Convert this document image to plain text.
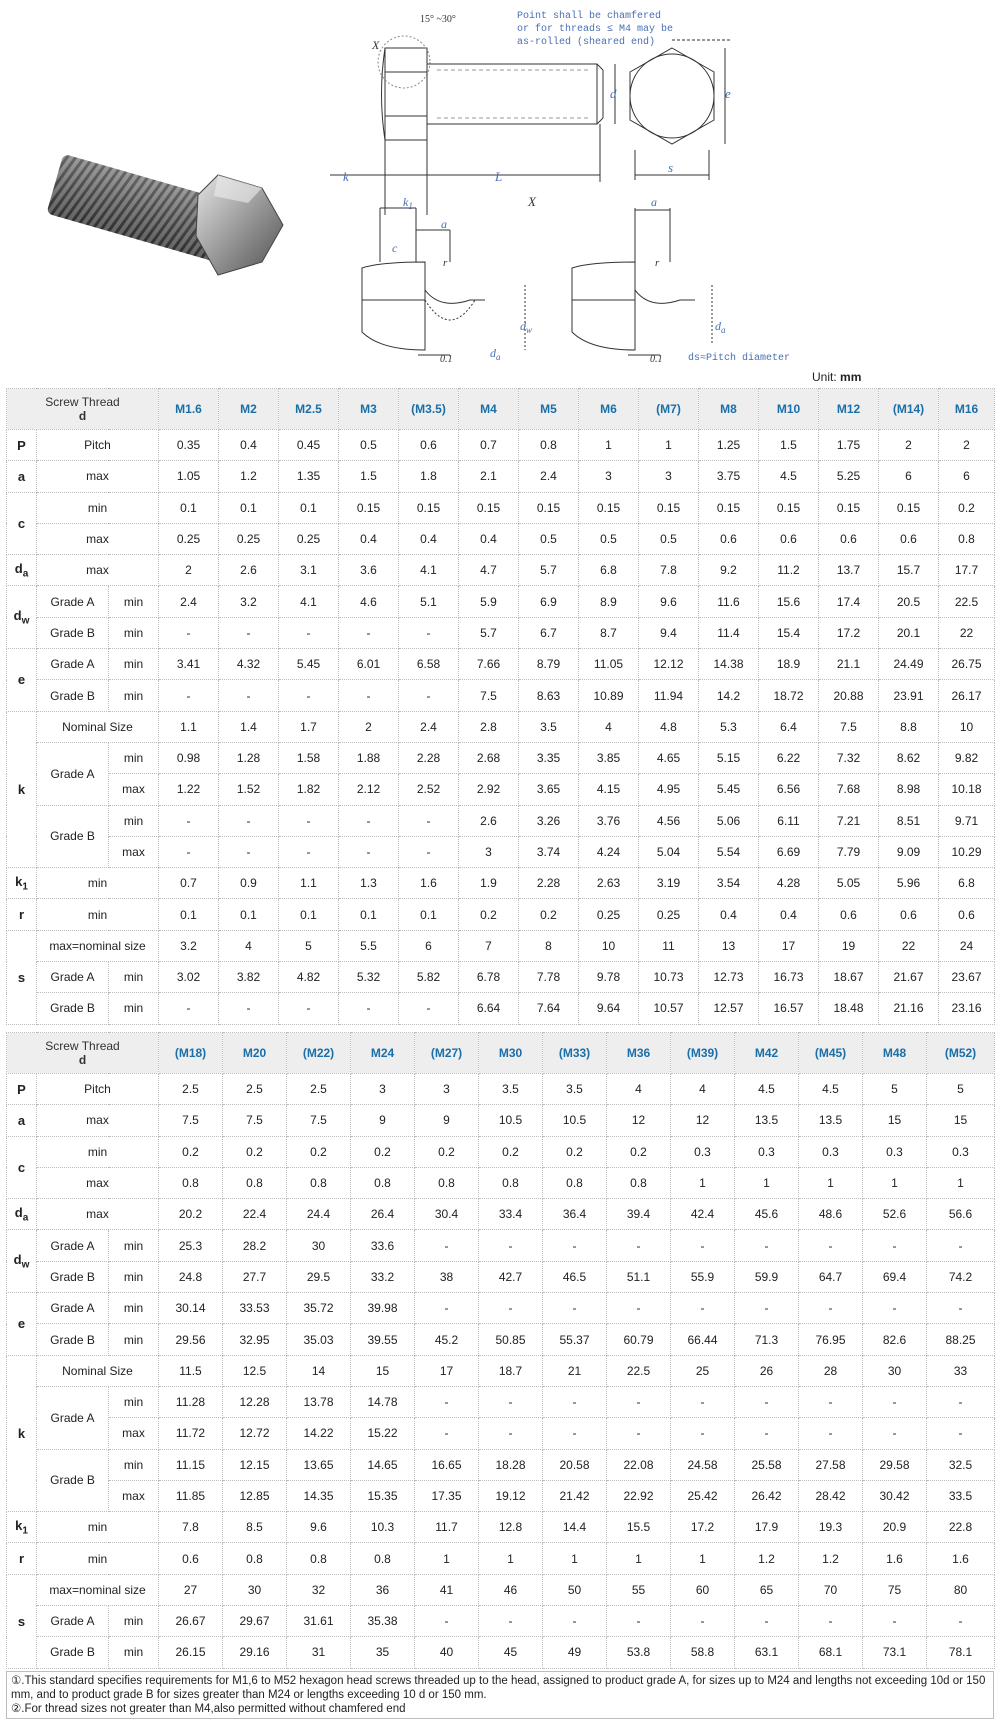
15° ~30°	Point shall be chamfered
or for threads ≤ M4 may be
as-rolled (sheared end)
X
d
k	L
X
e
s
$k_1$
c
a
r
$d_w$
$d_a$
0.1
a
r
$d_a$
0.1	ds≈Pitch diameter
Unit: mm
Screw Thread
d			M1.6	M2	M2.5	M3	(M3.5)	M4	M5	M6	(M7)	M8	M10	M12	(M14)	M16
P	Pitch		0.35	0.4	0.45	0.5	0.6	0.7	0.8	1	1	1.25	1.5	1.75	2	2
a	max		1.05	1.2	1.35	1.5	1.8	2.1	2.4	3	3	3.75	4.5	5.25	6	6
c	min		0.1	0.1	0.1	0.15	0.15	0.15	0.15	0.15	0.15	0.15	0.15	0.15	0.15	0.2
	max		0.25	0.25	0.25	0.4	0.4	0.4	0.5	0.5	0.5	0.6	0.6	0.6	0.6	0.8
$d_a$	max		2	2.6	3.1	3.6	4.1	4.7	5.7	6.8	7.8	9.2	11.2	13.7	15.7	17.7
$d_w$	Grade A	min	2.4	3.2	4.1	4.6	5.1	5.9	6.9	8.9	9.6	11.6	15.6	17.4	20.5	22.5
	Grade B	min	-	-	-	-	-	5.7	6.7	8.7	9.4	11.4	15.4	17.2	20.1	22
e	Grade A	min	3.41	4.32	5.45	6.01	6.58	7.66	8.79	11.05	12.12	14.38	18.9	21.1	24.49	26.75
	Grade B	min	-	-	-	-	-	7.5	8.63	10.89	11.94	14.2	18.72	20.88	23.91	26.17
k	Nominal Size		1.1	1.4	1.7	2	2.4	2.8	3.5	4	4.8	5.3	6.4	7.5	8.8	10
	Grade A	min	0.98	1.28	1.58	1.88	2.28	2.68	3.35	3.85	4.65	5.15	6.22	7.32	8.62	9.82
		max	1.22	1.52	1.82	2.12	2.52	2.92	3.65	4.15	4.95	5.45	6.56	7.68	8.98	10.18
	Grade B	min	-	-	-	-	-	2.6	3.26	3.76	4.56	5.06	6.11	7.21	8.51	9.71
		max	-	-	-	-	-	3	3.74	4.24	5.04	5.54	6.69	7.79	9.09	10.29
$k_1$	min		0.7	0.9	1.1	1.3	1.6	1.9	2.28	2.63	3.19	3.54	4.28	5.05	5.96	6.8
r	min		0.1	0.1	0.1	0.1	0.1	0.2	0.2	0.25	0.25	0.4	0.4	0.6	0.6	0.6
s	max=nominal size		3.2	4	5	5.5	6	7	8	10	11	13	17	19	22	24
	Grade A	min	3.02	3.82	4.82	5.32	5.82	6.78	7.78	9.78	10.73	12.73	16.73	18.67	21.67	23.67
	Grade B	min	-	-	-	-	-	6.64	7.64	9.64	10.57	12.57	16.57	18.48	21.16	23.16
Screw Thread
d			(M18)	M20	(M22)	M24	(M27)	M30	(M33)	M36	(M39)	M42	(M45)	M48	(M52)
P	Pitch		2.5	2.5	2.5	3	3	3.5	3.5	4	4	4.5	4.5	5	5
a	max		7.5	7.5	7.5	9	9	10.5	10.5	12	12	13.5	13.5	15	15
c	min		0.2	0.2	0.2	0.2	0.2	0.2	0.2	0.2	0.3	0.3	0.3	0.3	0.3
	max		0.8	0.8	0.8	0.8	0.8	0.8	0.8	0.8	1	1	1	1	1
$d_a$	max		20.2	22.4	24.4	26.4	30.4	33.4	36.4	39.4	42.4	45.6	48.6	52.6	56.6
$d_w$	Grade A	min	25.3	28.2	30	33.6	-	-	-	-	-	-	-	-	-
	Grade B	min	24.8	27.7	29.5	33.2	38	42.7	46.5	51.1	55.9	59.9	64.7	69.4	74.2
e	Grade A	min	30.14	33.53	35.72	39.98	-	-	-	-	-	-	-	-	-
	Grade B	min	29.56	32.95	35.03	39.55	45.2	50.85	55.37	60.79	66.44	71.3	76.95	82.6	88.25
k	Nominal Size		11.5	12.5	14	15	17	18.7	21	22.5	25	26	28	30	33
	Grade A	min	11.28	12.28	13.78	14.78	-	-	-	-	-	-	-	-	-
		max	11.72	12.72	14.22	15.22	-	-	-	-	-	-	-	-	-
	Grade B	min	11.15	12.15	13.65	14.65	16.65	18.28	20.58	22.08	24.58	25.58	27.58	29.58	32.5
		max	11.85	12.85	14.35	15.35	17.35	19.12	21.42	22.92	25.42	26.42	28.42	30.42	33.5
$k_1$	min		7.8	8.5	9.6	10.3	11.7	12.8	14.4	15.5	17.2	17.9	19.3	20.9	22.8
r	min		0.6	0.8	0.8	0.8	1	1	1	1	1	1.2	1.2	1.6	1.6
s	max=nominal size		27	30	32	36	41	46	50	55	60	65	70	75	80
	Grade A	min	26.67	29.67	31.61	35.38	-	-	-	-	-	-	-	-	-
	Grade B	min	26.15	29.16	31	35	40	45	49	53.8	58.8	63.1	68.1	73.1	78.1

①.This standard specifies requirements for M1,6 to M52 hexagon head screws threaded up to the head, assigned to product grade A, for sizes up to M24 and lengths not exceeding 10d or 150 mm, and to product grade B for sizes greater than M24 or lengths exceeding 10 d or 150 mm.

②.For thread sizes not greater than M4,also permitted without chamfered end
